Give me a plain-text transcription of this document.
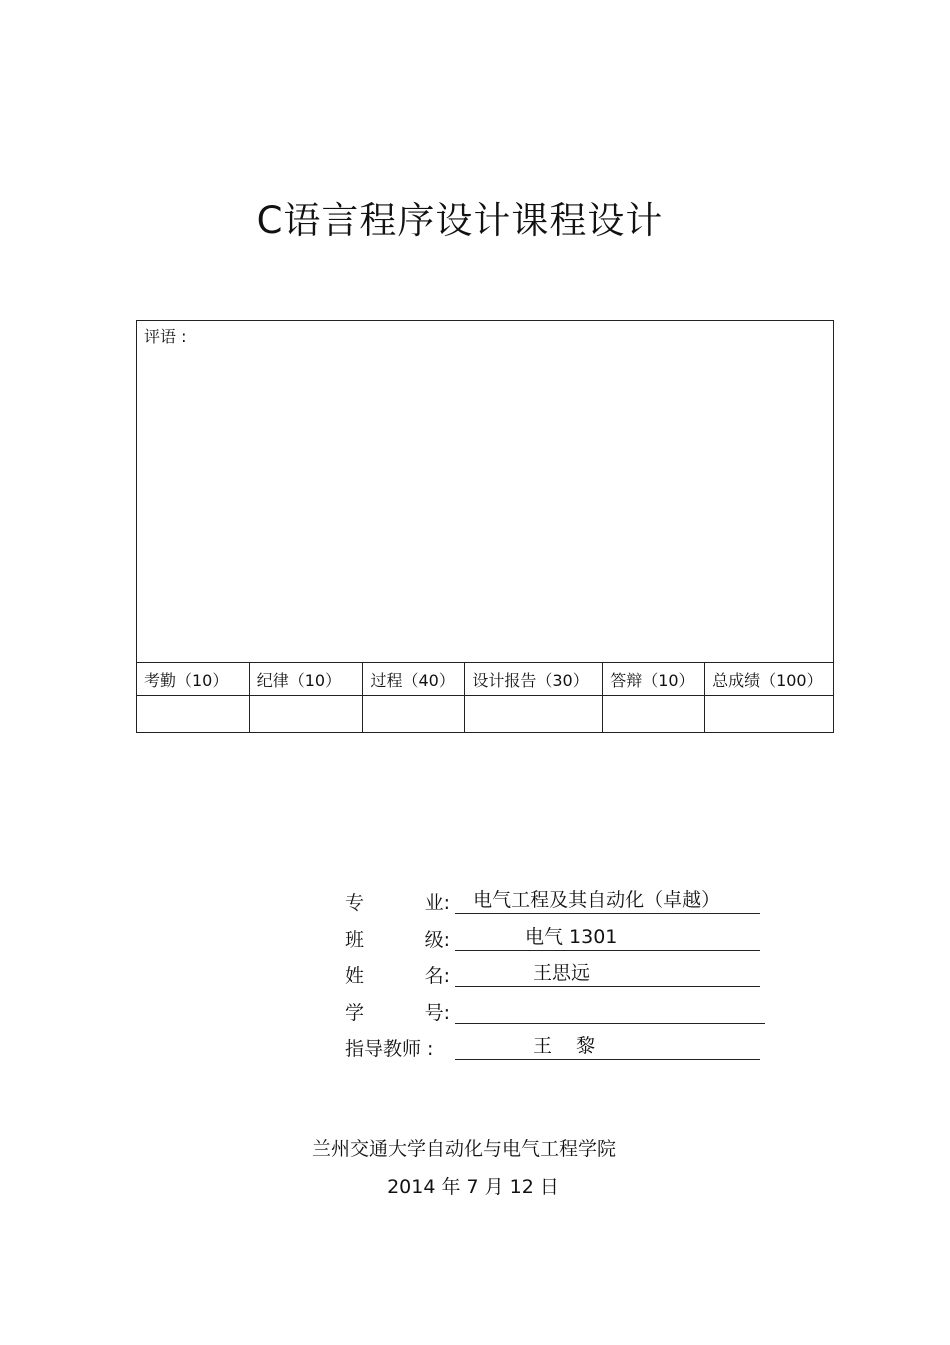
C语言程序设计课程设计
评语 :					
考勤（10）	纪律（10）	过程（40）	设计报告（30）	答辩（10）	总成绩（100）

专	业:	电气工程及其自动化（卓越）
班	级:	电气 1301
姓	名:	王思远
学	号:
指导教师 :	王    黎
兰州交通大学自动化与电气工程学院
2014 年 7 月 12 日
